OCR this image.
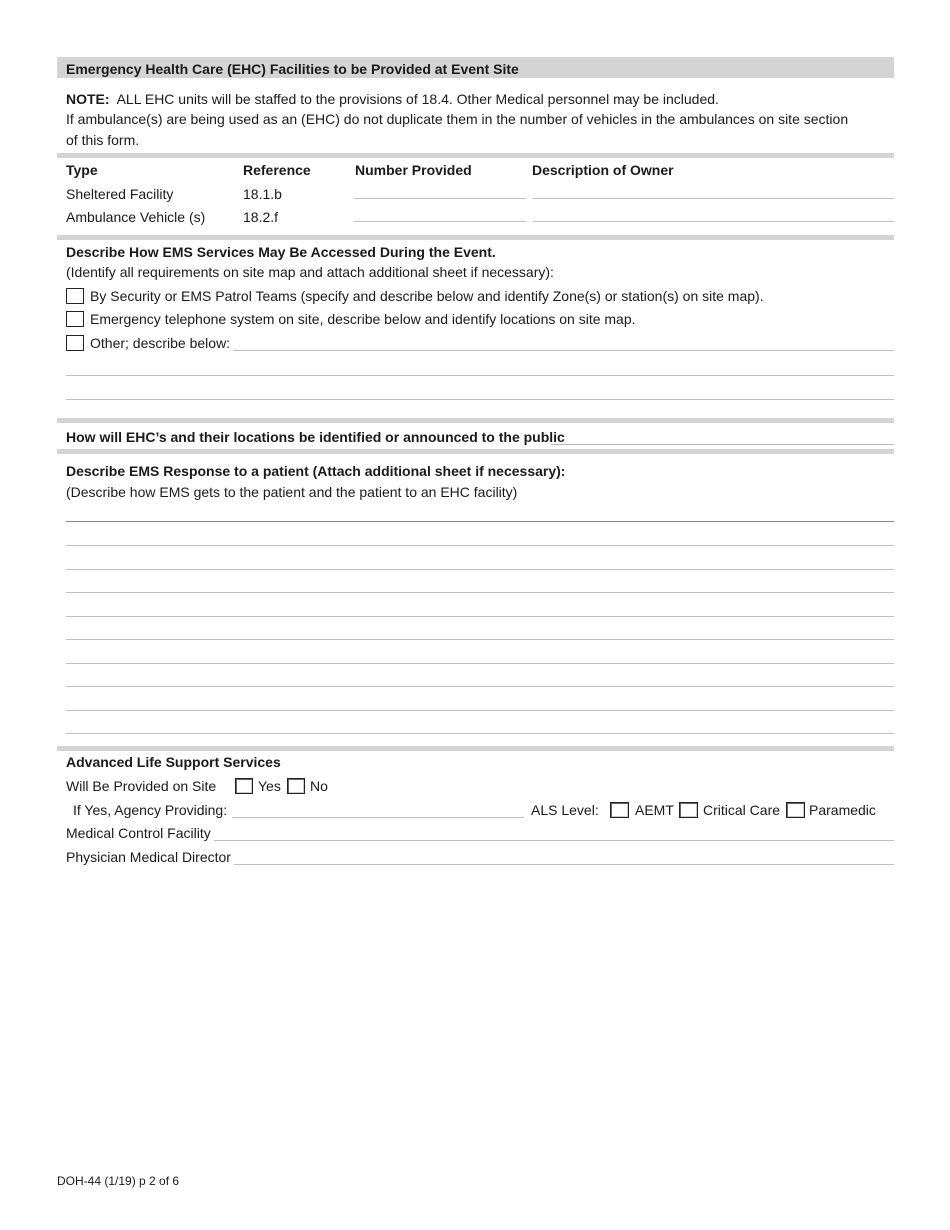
Emergency Health Care (EHC) Facilities to be Provided at Event Site
NOTE: ALL EHC units will be staffed to the provisions of 18.4. Other Medical personnel may be included.
If ambulance(s) are being used as an (EHC) do not duplicate them in the number of vehicles in the ambulances on site section
of this form.
Type	Reference	Number Provided	Description of Owner
Sheltered Facility	18.1.b
Ambulance Vehicle (s)	18.2.f
Describe How EMS Services May Be Accessed During the Event.
(Identify all requirements on site map and attach additional sheet if necessary):
By Security or EMS Patrol Teams (specify and describe below and identify Zone(s) or station(s) on site map).
Emergency telephone system on site, describe below and identify locations on site map.
Other; describe below:
How will EHC’s and their locations be identified or announced to the public
Describe EMS Response to a patient (Attach additional sheet if necessary):
(Describe how EMS gets to the patient and the patient to an EHC facility)
Advanced Life Support Services
Will Be Provided on Site	Yes No
If Yes, Agency Providing:	ALS Level:	AEMT Critical Care Paramedic
Medical Control Facility
Physician Medical Director
DOH-44 (1/19) p 2 of 6
